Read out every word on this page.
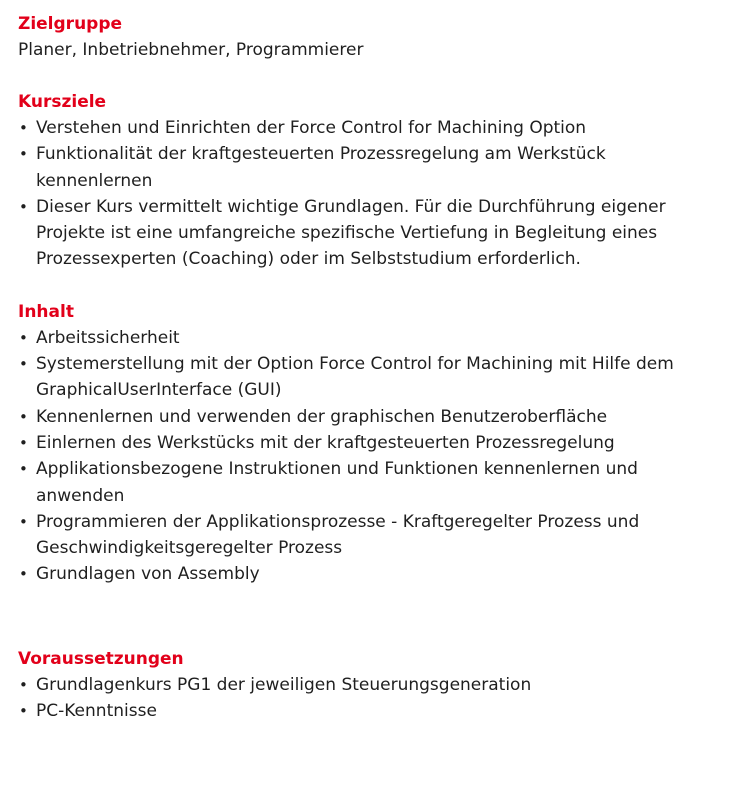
Zielgruppe

Planer, Inbetriebnehmer, Programmierer

Kursziele
• Verstehen und Einrichten der Force Control for Machining Option
• Funktionalität der kraftgesteuerten Prozessregelung am Werkstück kennenlernen
• Dieser Kurs vermittelt wichtige Grundlagen. Für die Durchführung eigener Projekte ist eine umfangreiche spezifische Vertiefung in Begleitung eines Prozessexperten (Coaching) oder im Selbststudium erforderlich.
Inhalt
• Arbeitssicherheit
• Systemerstellung mit der Option Force Control for Machining mit Hilfe dem GraphicalUserInterface (GUI)
• Kennenlernen und verwenden der graphischen Benutzeroberfläche
• Einlernen des Werkstücks mit der kraftgesteuerten Prozessregelung
• Applikationsbezogene Instruktionen und Funktionen kennenlernen und anwenden
• Programmieren der Applikationsprozesse - Kraftgeregelter Prozess und Geschwindigkeitsgeregelter Prozess
• Grundlagen von Assembly
Voraussetzungen
• Grundlagenkurs PG1 der jeweiligen Steuerungsgeneration
• PC-Kenntnisse
